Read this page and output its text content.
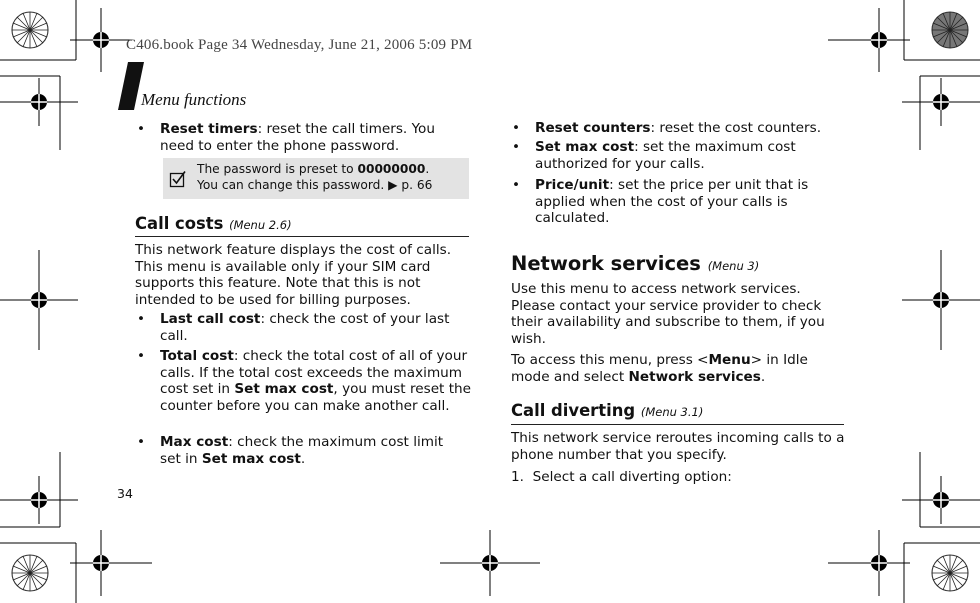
C406.book Page 34 Wednesday, June 21, 2006 5:09 PM
Menu functions
• Reset timers: reset the call timers. You need to enter the phone password.
The password is preset to 00000000.
You can change this password. ▶ p. 66
Call costs (Menu 2.6)
This network feature displays the cost of calls. This menu is available only if your SIM card supports this feature. Note that this is not intended to be used for billing purposes.
• Last call cost: check the cost of your last call.
• Total cost: check the total cost of all of your calls. If the total cost exceeds the maximum cost set in Set max cost, you must reset the counter before you can make another call.
• Max cost: check the maximum cost limit set in Set max cost.
34
• Reset counters: reset the cost counters.
• Set max cost: set the maximum cost authorized for your calls.
• Price/unit: set the price per unit that is applied when the cost of your calls is calculated.
Network services (Menu 3)
Use this menu to access network services. Please contact your service provider to check their availability and subscribe to them, if you wish.
To access this menu, press <Menu> in Idle mode and select Network services.
Call diverting (Menu 3.1)
This network service reroutes incoming calls to a phone number that you specify.
1.  Select a call diverting option:
